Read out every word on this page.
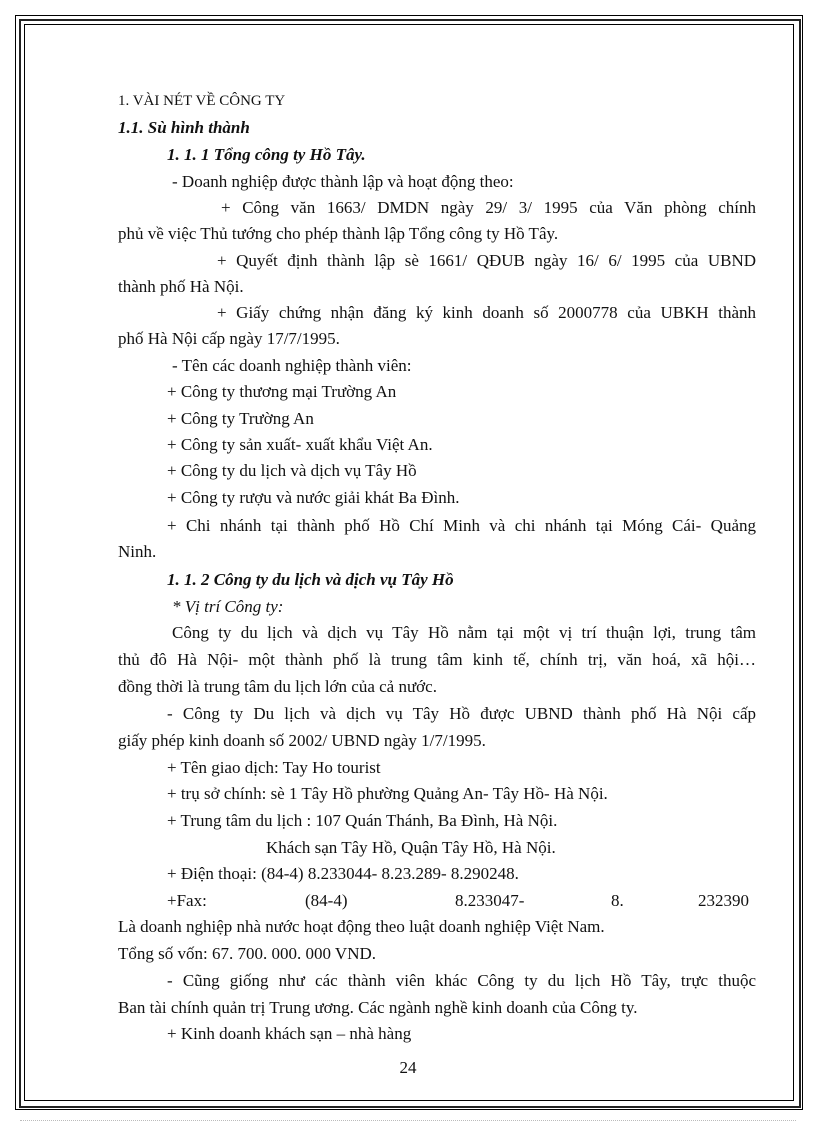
1. VÀI NÉT VỀ CÔNG TY
1.1. Sù hình thành
1. 1. 1 Tổng công ty Hồ Tây.
- Doanh nghiệp được thành lập và hoạt động theo:
+ Công văn 1663/ DMDN ngày 29/ 3/ 1995 của Văn phòng chính
phủ về việc Thủ tướng cho phép thành lập Tổng công ty Hồ Tây.
+ Quyết định thành lập sè 1661/ QĐUB ngày 16/ 6/ 1995 của UBND
thành phố Hà Nội.
+ Giấy chứng nhận đăng ký kinh doanh số 2000778 của UBKH thành
phố Hà Nội cấp ngày 17/7/1995.
- Tên các doanh nghiệp thành viên:
+ Công ty thương mại Trường An
+ Công ty Trường An
+ Công ty sản xuất- xuất khẩu Việt An.
+ Công ty du lịch và dịch vụ Tây Hồ
+ Công ty rượu và nước giải khát Ba Đình.
+ Chi nhánh tại thành phố Hồ Chí Minh và chi nhánh tại Móng Cái- Quảng
Ninh.
1. 1. 2 Công ty du lịch và dịch vụ Tây Hồ
* Vị trí Công ty:
Công ty du lịch và dịch vụ Tây Hồ nằm tại một vị trí thuận lợi, trung tâm
thủ đô Hà Nội- một thành phố là trung tâm kinh tế, chính trị, văn hoá, xã hội…
đồng thời là trung tâm du lịch lớn của cả nước.
- Công ty Du lịch và dịch vụ Tây Hồ được UBND thành phố Hà Nội cấp
giấy phép kinh doanh số 2002/ UBND ngày 1/7/1995.
+ Tên giao dịch: Tay Ho tourist
+ trụ sở chính: sè 1 Tây Hồ phường Quảng An- Tây Hồ- Hà Nội.
+ Trung tâm du lịch : 107 Quán Thánh, Ba Đình, Hà Nội.
Khách sạn Tây Hồ, Quận Tây Hồ, Hà Nội.
+ Điện thoại: (84-4) 8.233044- 8.23.289- 8.290248.
+Fax:	(84-4)	8.233047-	8.	232390
Là doanh nghiệp nhà nước hoạt động theo luật doanh nghiệp Việt Nam.
Tổng số vốn: 67. 700. 000. 000 VND.
- Cũng giống như các thành viên khác Công ty du lịch Hồ Tây, trực thuộc
Ban tài chính quản trị Trung ương. Các ngành nghề kinh doanh của Công ty.
+ Kinh doanh khách sạn – nhà hàng
24
